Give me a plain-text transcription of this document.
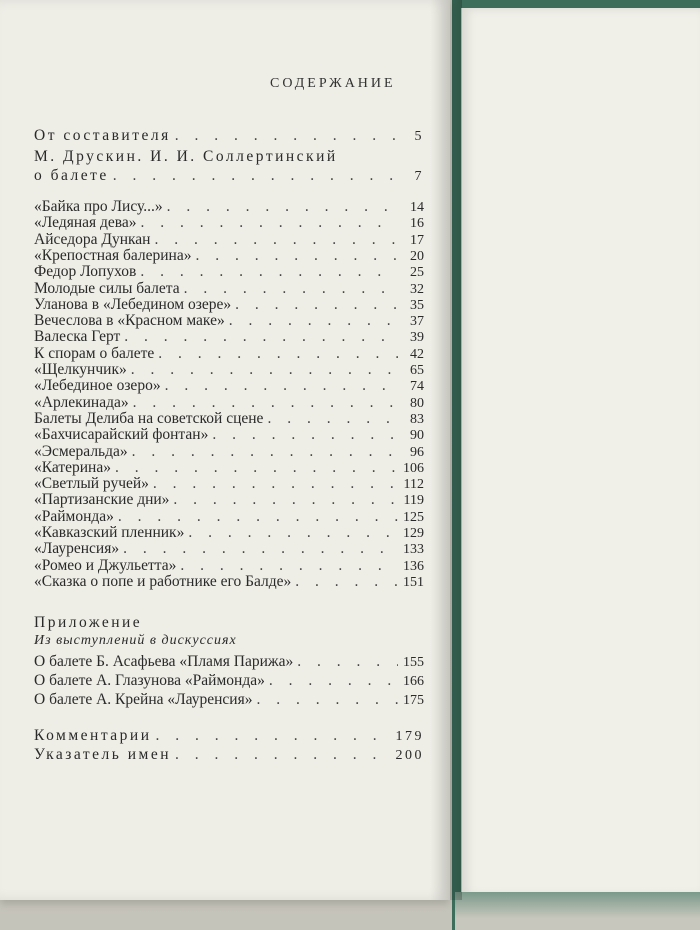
СОДЕРЖАНИЕ
От составителя . . .	5
М. Друскин. И. И. Соллертинский
о балете . . .	7
«Байка про Лису...» . . .	14
«Ледяная дева» . . .	16
Айседора Дункан . . .	17
«Крепостная балерина» . . .	20
Федор Лопухов . . .	25
Молодые силы балета . . .	32
Уланова в «Лебедином озере» . . .	35
Вечеслова в «Красном маке» . . .	37
Валеска Герт . . .	39
К спорам о балете . . .	42
«Щелкунчик» . . .	65
«Лебединое озеро» . . .	74
«Арлекинада» . . .	80
Балеты Делиба на советской сцене . . .	83
«Бахчисарайский фонтан» . . .	90
«Эсмеральда» . . .	96
«Катерина» . . .	106
«Светлый ручей» . . .	112
«Партизанские дни» . . .	119
«Раймонда» . . .	125
«Кавказский пленник» . . .	129
«Лауренсия» . . .	133
«Ромео и Джульетта» . . .	136
«Сказка о попе и работнике его Балде» . . .	151
Приложение
Из выступлений в дискуссиях
О балете Б. Асафьева «Пламя Парижа» . . .	155
О балете А. Глазунова «Раймонда» . . .	166
О балете А. Крейна «Лауренсия» . . .	175
Комментарии . . .	179
Указатель имен . . .	200
